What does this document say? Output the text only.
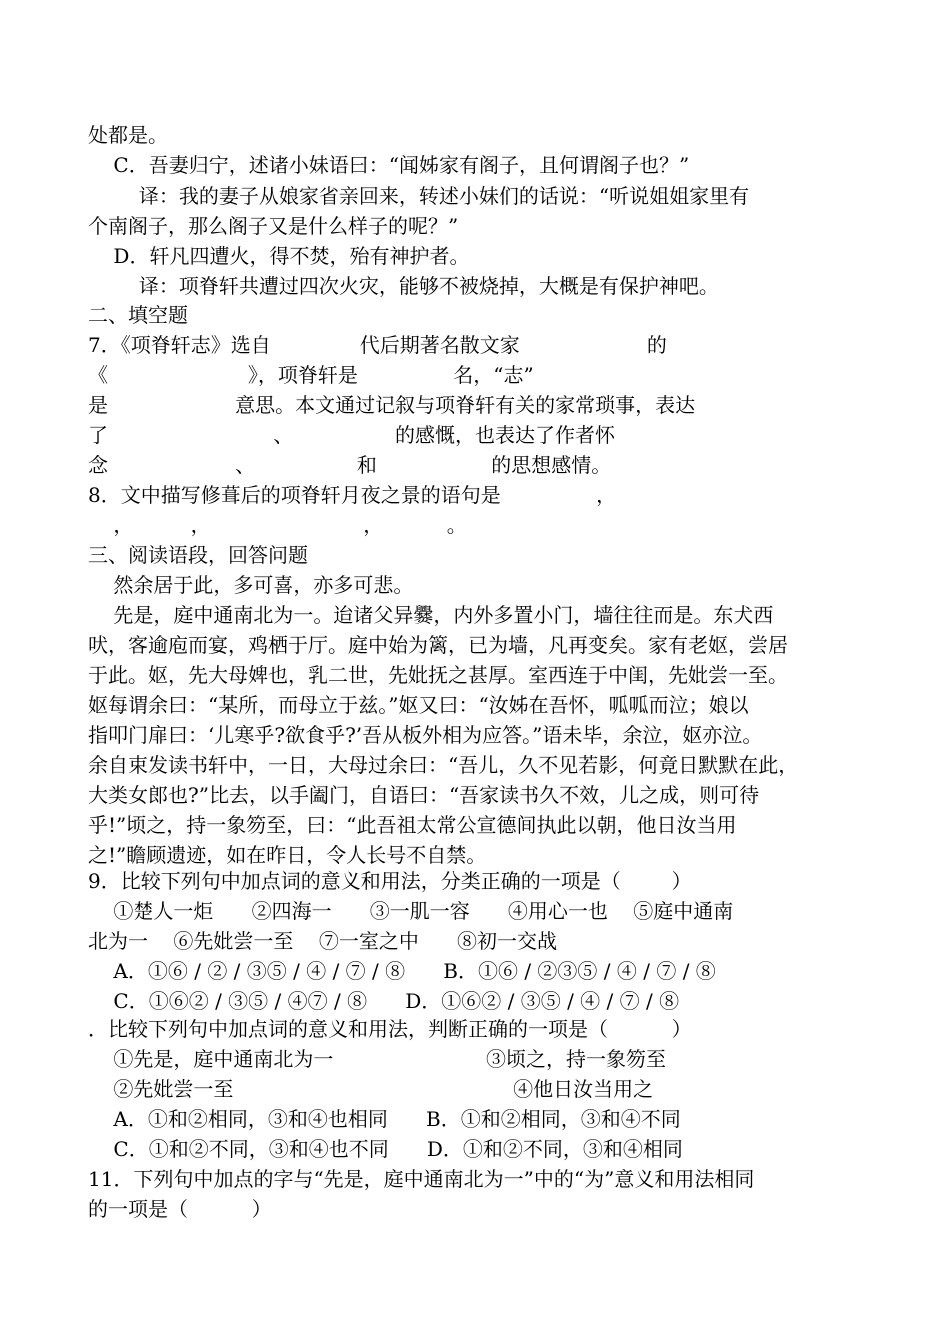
处都是。
C．吾妻归宁，述诸小妹语曰：“闻姊家有阁子，且何谓阁子也？”
译：我的妻子从娘家省亲回来，转述小妹们的话说：“听说姐姐家里有
个南阁子，那么阁子又是什么样子的呢？”
D．轩凡四遭火，得不焚，殆有神护者。
译：项脊轩共遭过四次火灾，能够不被烧掉，大概是有保护神吧。
二、填空题
7．《项脊轩志》选自              代后期著名散文家                    的
《                      》，项脊轩是               名，“志”
是                    意思。本文通过记叙与项脊轩有关的家常琐事，表达
了                          、                的感慨，也表达了作者怀
念                    、                和                  的思想感情。
8．文中描写修葺后的项脊轩月夜之景的语句是               ，
，         ，                        ，          。
三、阅读语段，回答问题
然余居于此，多可喜，亦多可悲。
先是，庭中通南北为一。迨诸父异爨，内外多置小门，墙往往而是。东犬西
吠，客逾庖而宴，鸡栖于厅。庭中始为篱，已为墙，凡再变矣。家有老妪，尝居
于此。妪，先大母婢也，乳二世，先妣抚之甚厚。室西连于中闺，先妣尝一至。
妪每谓余曰：“某所，而母立于兹。”妪又曰：“汝姊在吾怀，呱呱而泣；娘以
指叩门扉曰：‘儿寒乎?欲食乎?’吾从板外相为应答。”语未毕，余泣，妪亦泣。
余自束发读书轩中，一日，大母过余曰：“吾儿，久不见若影，何竟日默默在此，
大类女郎也?”比去，以手阖门，自语曰：“吾家读书久不效，儿之成，则可待
乎!”顷之，持一象笏至，曰：“此吾祖太常公宣德间执此以朝，他日汝当用
之!”瞻顾遗迹，如在昨日，令人长号不自禁。
9．比较下列句中加点词的意义和用法，分类正确的一项是（        ）
①楚人一炬      ②四海一      ③一肌一容      ④用心一也    ⑤庭中通南
北为一    ⑥先妣尝一至    ⑦一室之中      ⑧初一交战
A．①⑥ / ② / ③⑤ / ④ / ⑦ / ⑧      B．①⑥ / ②③⑤ / ④ / ⑦ / ⑧
C．①⑥② / ③⑤ / ④⑦ / ⑧      D．①⑥② / ③⑤ / ④ / ⑦ / ⑧
．比较下列句中加点词的意义和用法，判断正确的一项是（          ）
①先是，庭中通南北为一                        ③顷之，持一象笏至
②先妣尝一至                                            ④他日汝当用之
A．①和②相同，③和④也相同      B．①和②相同，③和④不同
C．①和②不同，③和④也不同      D．①和②不同，③和④相同
11．下列句中加点的字与“先是，庭中通南北为一”中的“为”意义和用法相同
的一项是（          ）
